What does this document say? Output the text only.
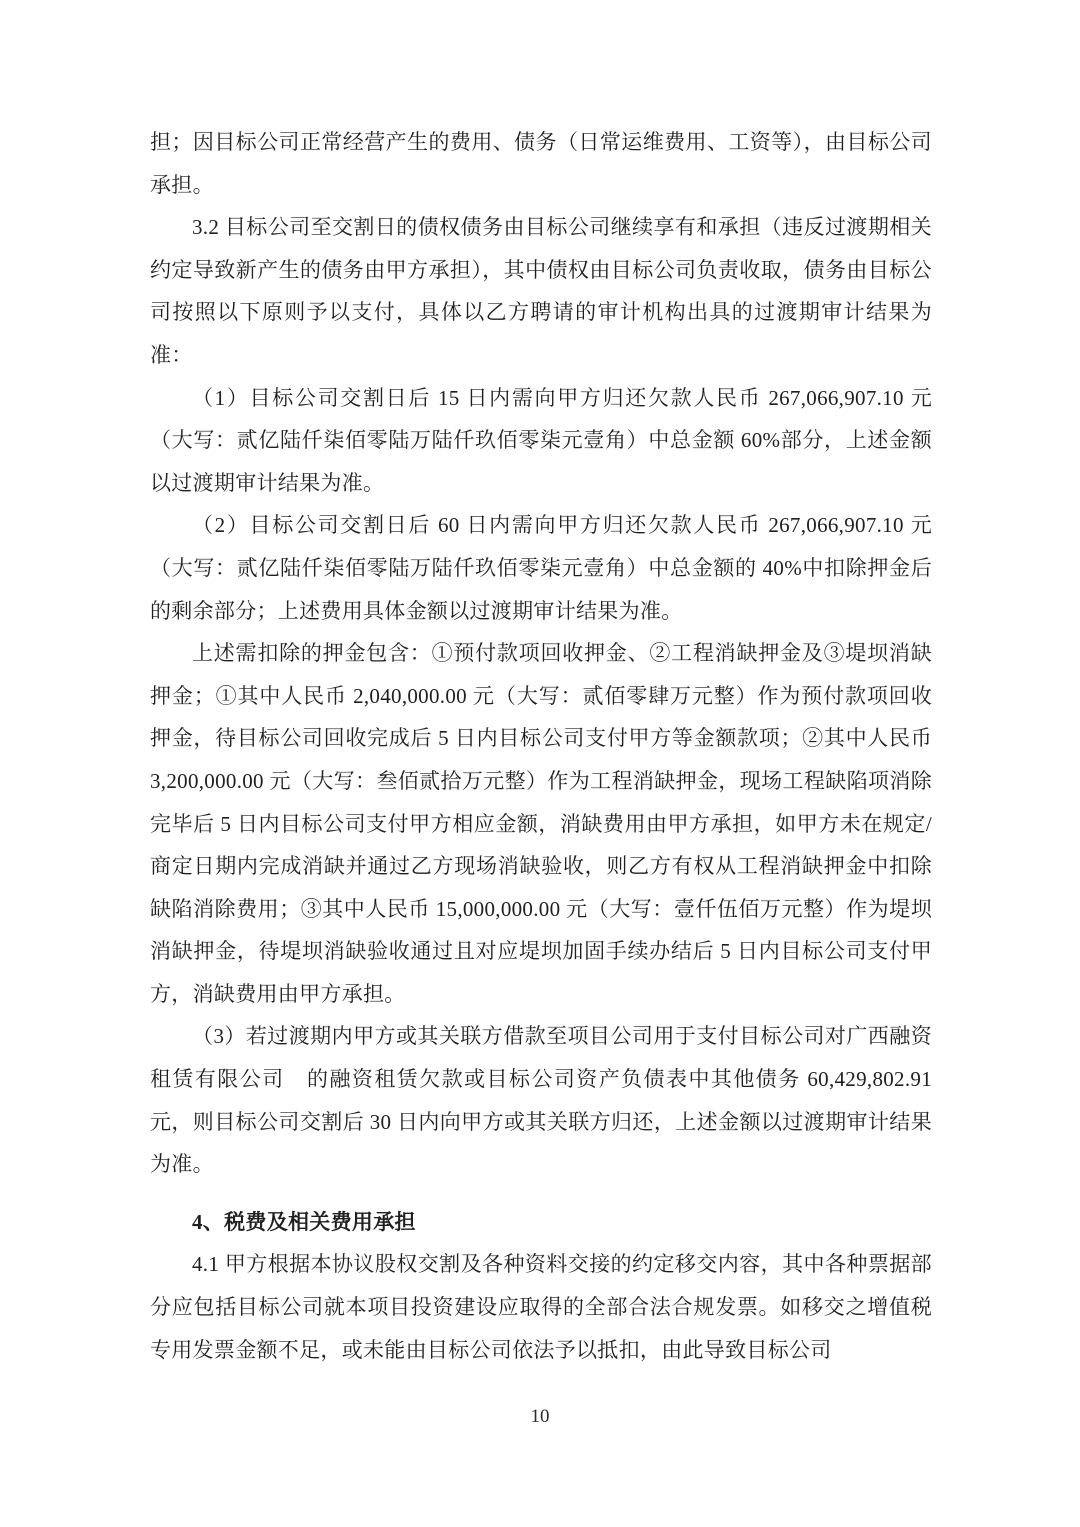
担；因目标公司正常经营产生的费用、债务（日常运维费用、工资等），由目标公司承担。

3.2 目标公司至交割日的债权债务由目标公司继续享有和承担（违反过渡期相关约定导致新产生的债务由甲方承担），其中债权由目标公司负责收取，债务由目标公司按照以下原则予以支付，具体以乙方聘请的审计机构出具的过渡期审计结果为准：

（1）目标公司交割日后 15 日内需向甲方归还欠款人民币 267,066,907.10 元（大写：贰亿陆仟柒佰零陆万陆仟玖佰零柒元壹角）中总金额 60%部分，上述金额以过渡期审计结果为准。

（2）目标公司交割日后 60 日内需向甲方归还欠款人民币 267,066,907.10 元（大写：贰亿陆仟柒佰零陆万陆仟玖佰零柒元壹角）中总金额的 40%中扣除押金后的剩余部分；上述费用具体金额以过渡期审计结果为准。

上述需扣除的押金包含：①预付款项回收押金、②工程消缺押金及③堤坝消缺押金；①其中人民币 2,040,000.00 元（大写：贰佰零肆万元整）作为预付款项回收押金，待目标公司回收完成后 5 日内目标公司支付甲方等金额款项；②其中人民币 3,200,000.00 元（大写：叁佰贰拾万元整）作为工程消缺押金，现场工程缺陷项消除完毕后 5 日内目标公司支付甲方相应金额，消缺费用由甲方承担，如甲方未在规定/商定日期内完成消缺并通过乙方现场消缺验收，则乙方有权从工程消缺押金中扣除缺陷消除费用；③其中人民币 15,000,000.00 元（大写：壹仟伍佰万元整）作为堤坝消缺押金，待堤坝消缺验收通过且对应堤坝加固手续办结后 5 日内目标公司支付甲方，消缺费用由甲方承担。

（3）若过渡期内甲方或其关联方借款至项目公司用于支付目标公司对广西融资租赁有限公司　的融资租赁欠款或目标公司资产负债表中其他债务 60,429,802.91 元，则目标公司交割后 30 日内向甲方或其关联方归还，上述金额以过渡期审计结果为准。

4、税费及相关费用承担

4.1 甲方根据本协议股权交割及各种资料交接的约定移交内容，其中各种票据部分应包括目标公司就本项目投资建设应取得的全部合法合规发票。如移交之增值税专用发票金额不足，或未能由目标公司依法予以抵扣，由此导致目标公司

10
